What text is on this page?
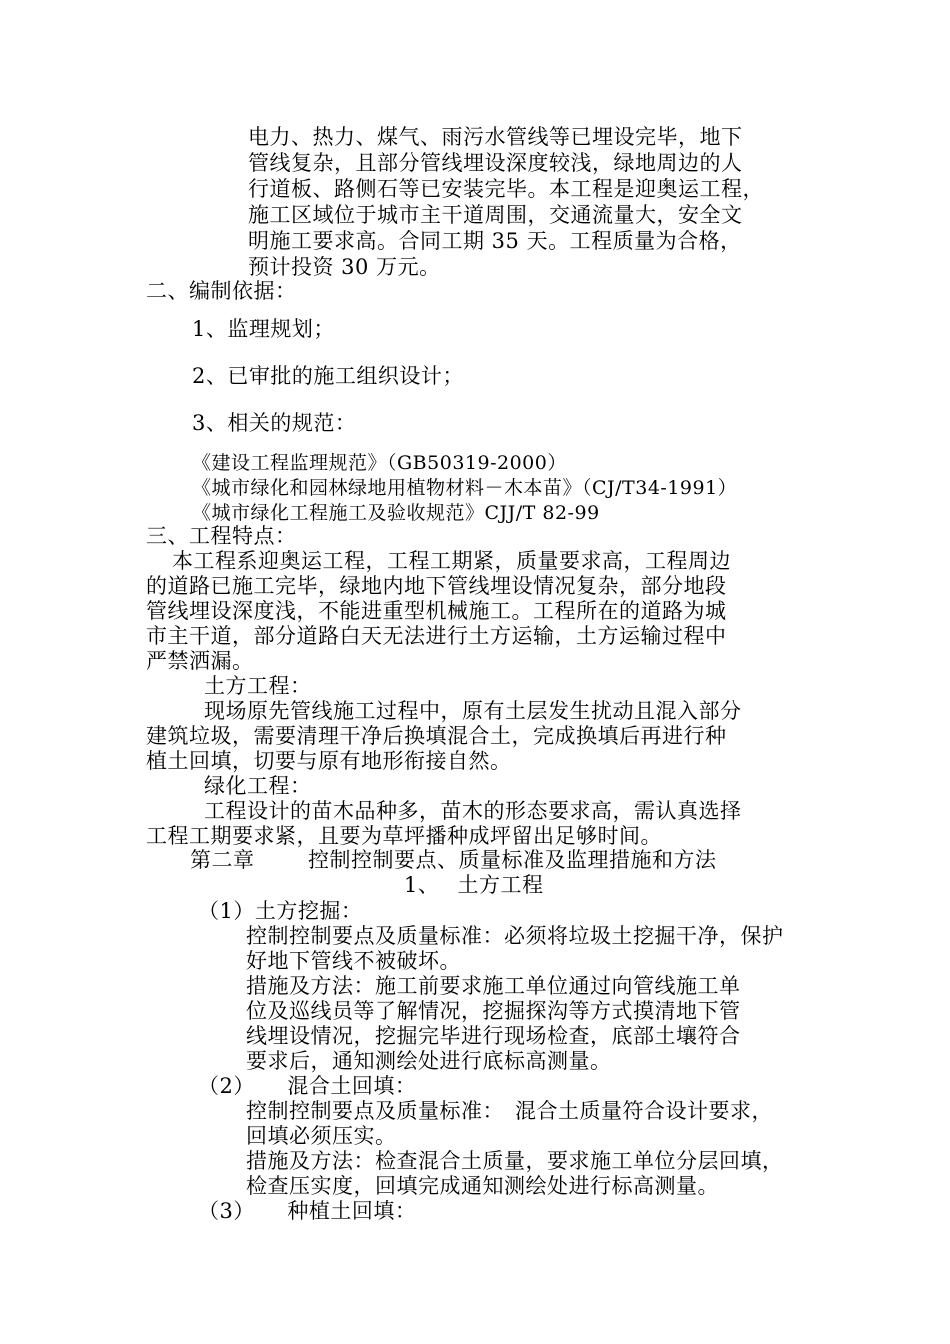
电力、热力、煤气、雨污水管线等已埋设完毕，地下
管线复杂，且部分管线埋设深度较浅，绿地周边的人
行道板、路侧石等已安装完毕。本工程是迎奥运工程，
施工区域位于城市主干道周围，交通流量大，安全文
明施工要求高。合同工期 35 天。工程质量为合格，
预计投资 30 万元。
二、编制依据：
1、监理规划；
2、已审批的施工组织设计；
3、相关的规范：
《建设工程监理规范》（GB50319-2000）
《城市绿化和园林绿地用植物材料－木本苗》（CJ/T34-1991）
《城市绿化工程施工及验收规范》CJJ/T 82-99
三、工程特点：
本工程系迎奥运工程，工程工期紧，质量要求高，工程周边
的道路已施工完毕，绿地内地下管线埋设情况复杂，部分地段
管线埋设深度浅，不能进重型机械施工。工程所在的道路为城
市主干道，部分道路白天无法进行土方运输，土方运输过程中
严禁洒漏。
土方工程：
现场原先管线施工过程中，原有土层发生扰动且混入部分
建筑垃圾，需要清理干净后换填混合土，完成换填后再进行种
植土回填，切要与原有地形衔接自然。
绿化工程：
工程设计的苗木品种多，苗木的形态要求高，需认真选择
工程工期要求紧，且要为草坪播种成坪留出足够时间。
第二章	控制控制要点、质量标准及监理措施和方法
1、　 土方工程
（1）土方挖掘：
控制控制要点及质量标准：必须将垃圾土挖掘干净，保护
好地下管线不被破坏。
措施及方法：施工前要求施工单位通过向管线施工单
位及巡线员等了解情况，挖掘探沟等方式摸清地下管
线埋设情况，挖掘完毕进行现场检查，底部土壤符合
要求后，通知测绘处进行底标高测量。
（2）　　混合土回填：
控制控制要点及质量标准：　混合土质量符合设计要求，
回填必须压实。
措施及方法：检查混合土质量，要求施工单位分层回填，
检查压实度，回填完成通知测绘处进行标高测量。
（3）　　种植土回填：
